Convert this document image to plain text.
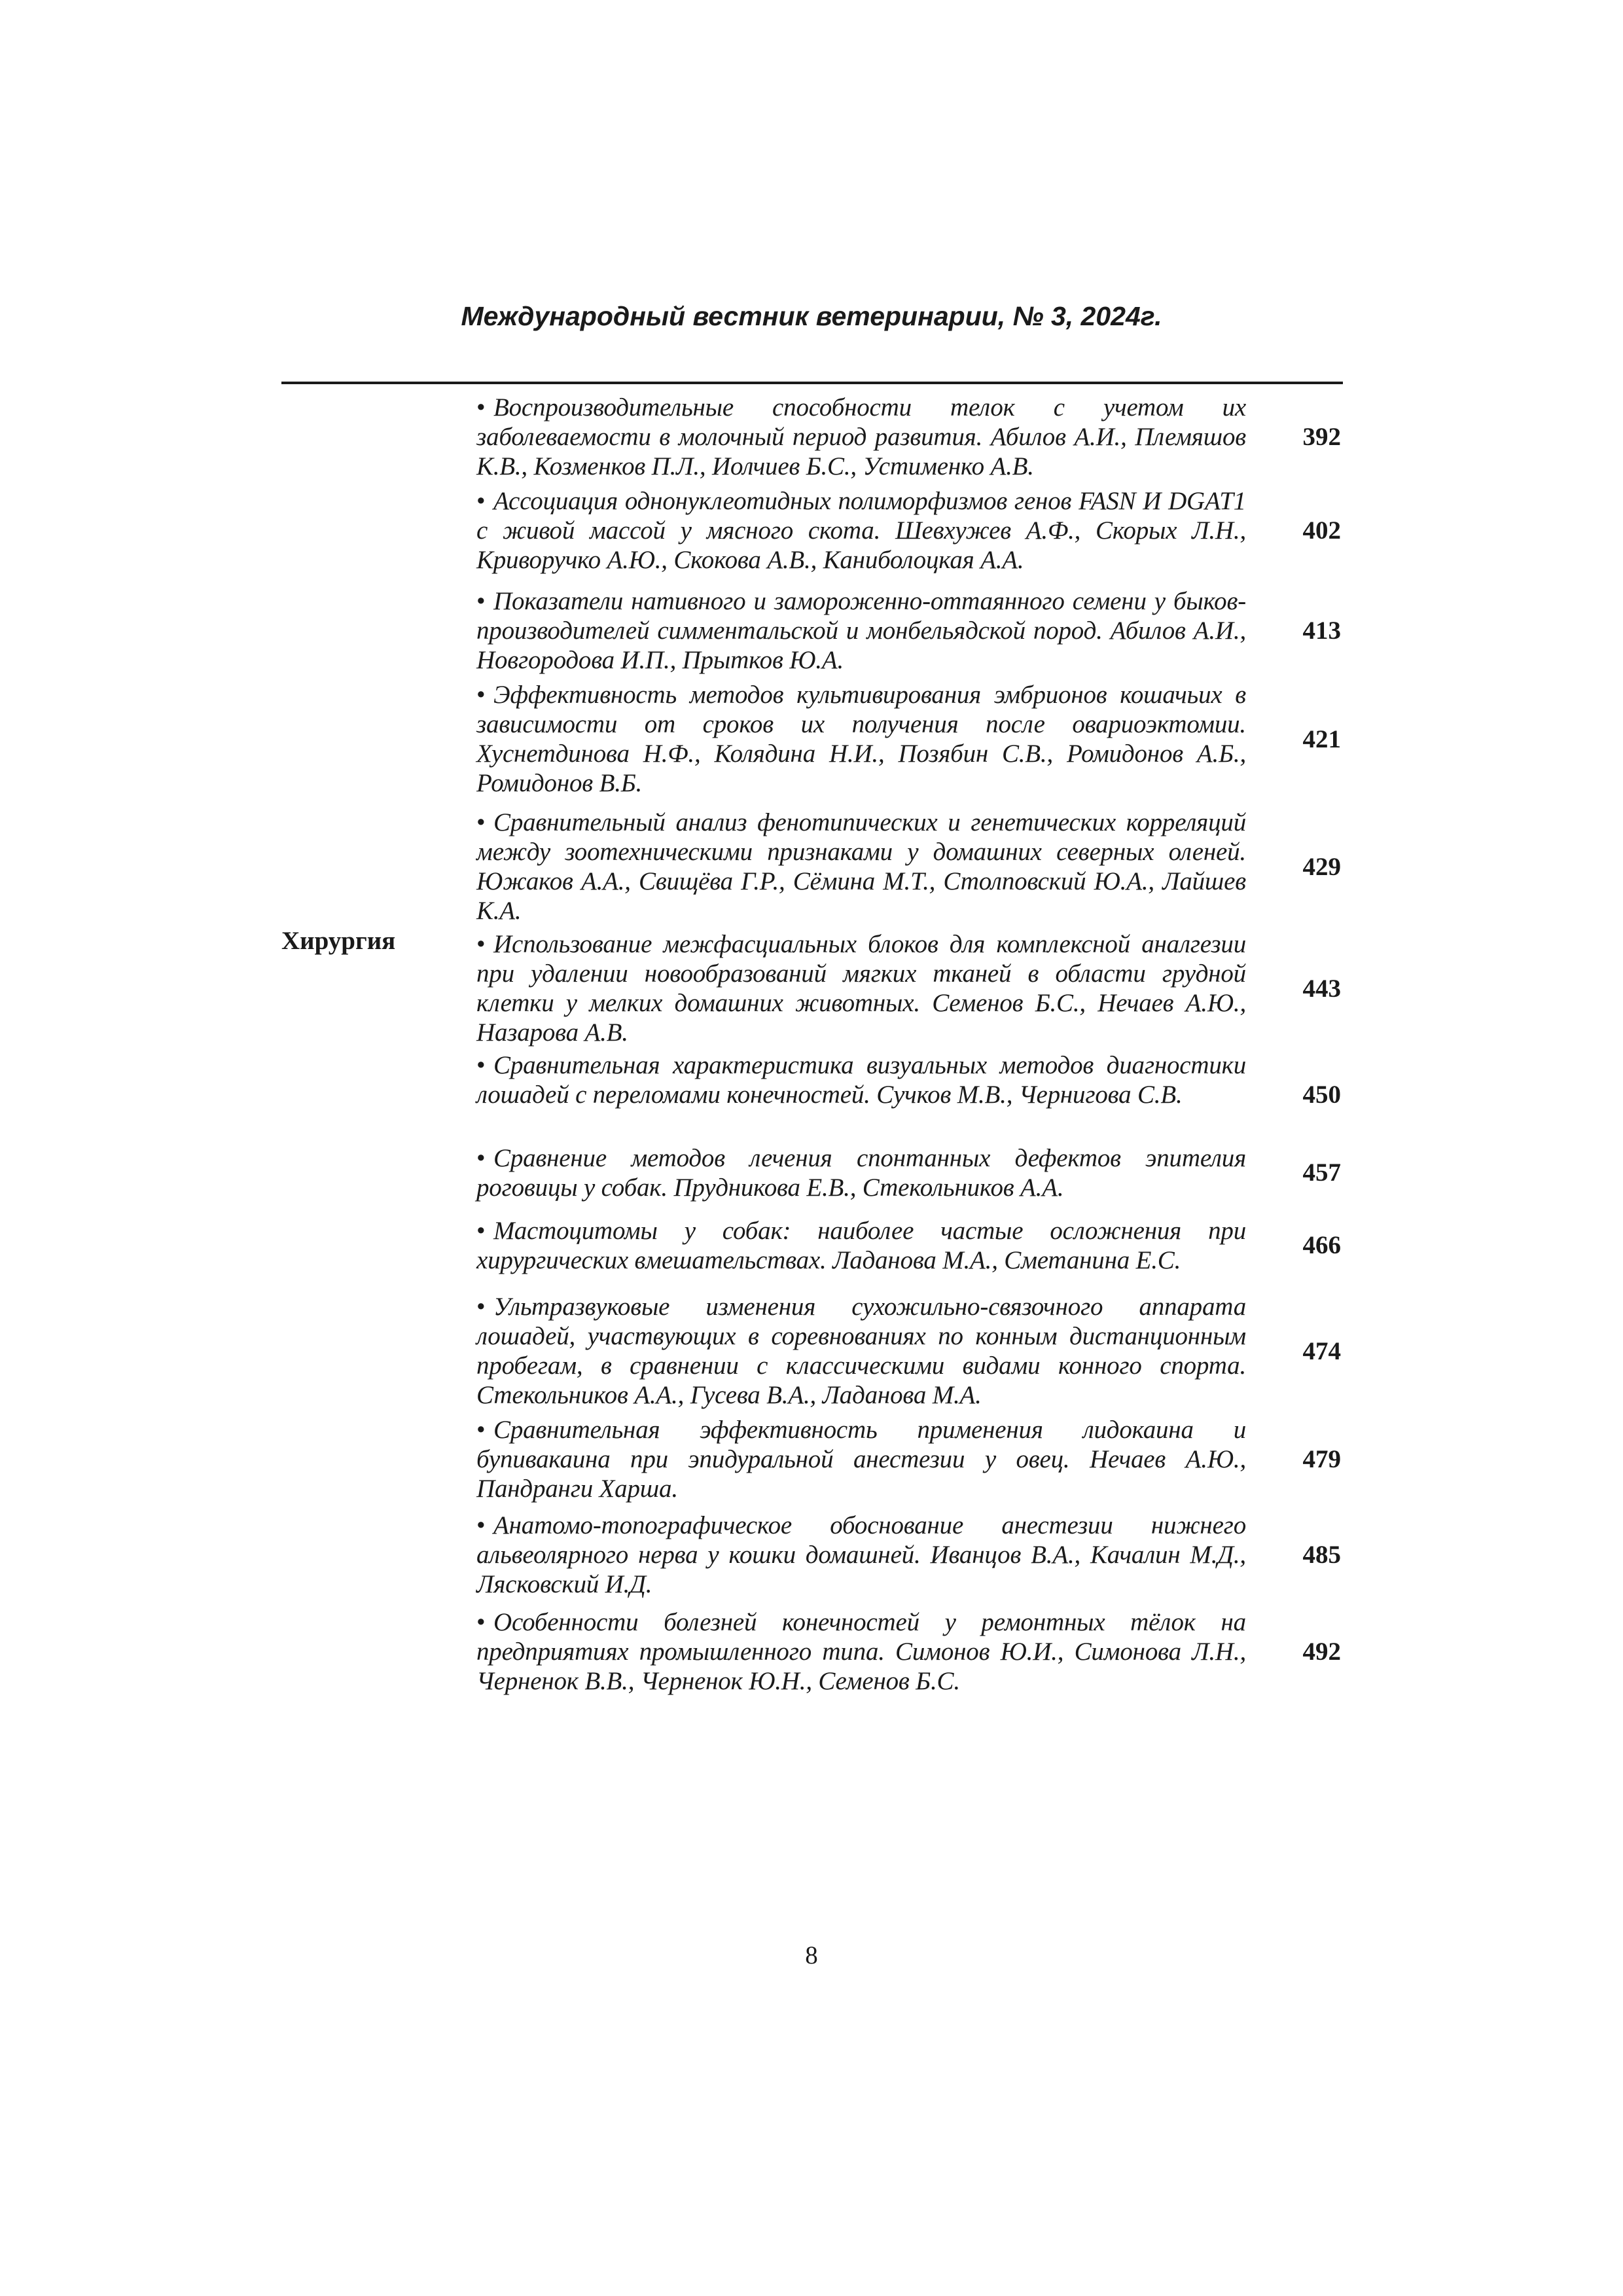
Международный вестник ветеринарии, № 3, 2024г.
Хирургия
• Воспроизводительные способности телок с учетом их заболеваемости в молочный период развития. Абилов А.И., Племяшов К.В., Козменков П.Л., Иолчиев Б.С., Устименко А.В.
392
• Ассоциация однонуклеотидных полиморфизмов генов FASN И DGAT1 с живой массой у мясного скота. Шевхужев А.Ф., Скорых Л.Н., Криворучко А.Ю., Скокова А.В., Каниболоцкая А.А.
402
• Показатели нативного и замороженно-оттаянного семени у быков-производителей симментальской и монбельядской пород. Абилов А.И., Новгородова И.П., Прытков Ю.А.
413
• Эффективность методов культивирования эмбрионов кошачьих в зависимости от сроков их получения после овариоэктомии. Хуснетдинова Н.Ф., Колядина Н.И., Позябин С.В., Ромидонов А.Б., Ромидонов В.Б.
421
• Сравнительный анализ фенотипических и генетических корреляций между зоотехническими признаками у домашних северных оленей. Южаков А.А., Свищёва Г.Р., Сёмина М.Т., Столповский Ю.А., Лайшев К.А.
429
• Использование межфасциальных блоков для комплексной аналгезии при удалении новообразований мягких тканей в области грудной клетки у мелких домашних животных. Семенов Б.С., Нечаев А.Ю., Назарова А.В.
443
• Сравнительная характеристика визуальных методов диагностики лошадей с переломами конечностей. Сучков М.В., Чернигова С.В.	450
• Сравнение методов лечения спонтанных дефектов эпителия роговицы у собак. Прудникова Е.В., Стекольников А.А.
457
• Мастоцитомы у собак: наиболее частые осложнения при хирургических вмешательствах. Ладанова М.А., Сметанина Е.С.
466
• Ультразвуковые изменения сухожильно-связочного аппарата лошадей, участвующих в соревнованиях по конным дистанционным пробегам, в сравнении с классическими видами конного спорта. Стекольников А.А., Гусева В.А., Ладанова М.А.
474
• Сравнительная эффективность применения лидокаина и бупивакаина при эпидуральной анестезии у овец. Нечаев А.Ю., Пандранги Харша.
479
• Анатомо-топографическое обоснование анестезии нижнего альвеолярного нерва у кошки домашней. Иванцов В.А., Качалин М.Д., Лясковский И.Д.
485
• Особенности болезней конечностей у ремонтных тёлок на предприятиях промышленного типа. Симонов Ю.И., Симонова Л.Н., Черненок В.В., Черненок Ю.Н., Семенов Б.С.
492
8
